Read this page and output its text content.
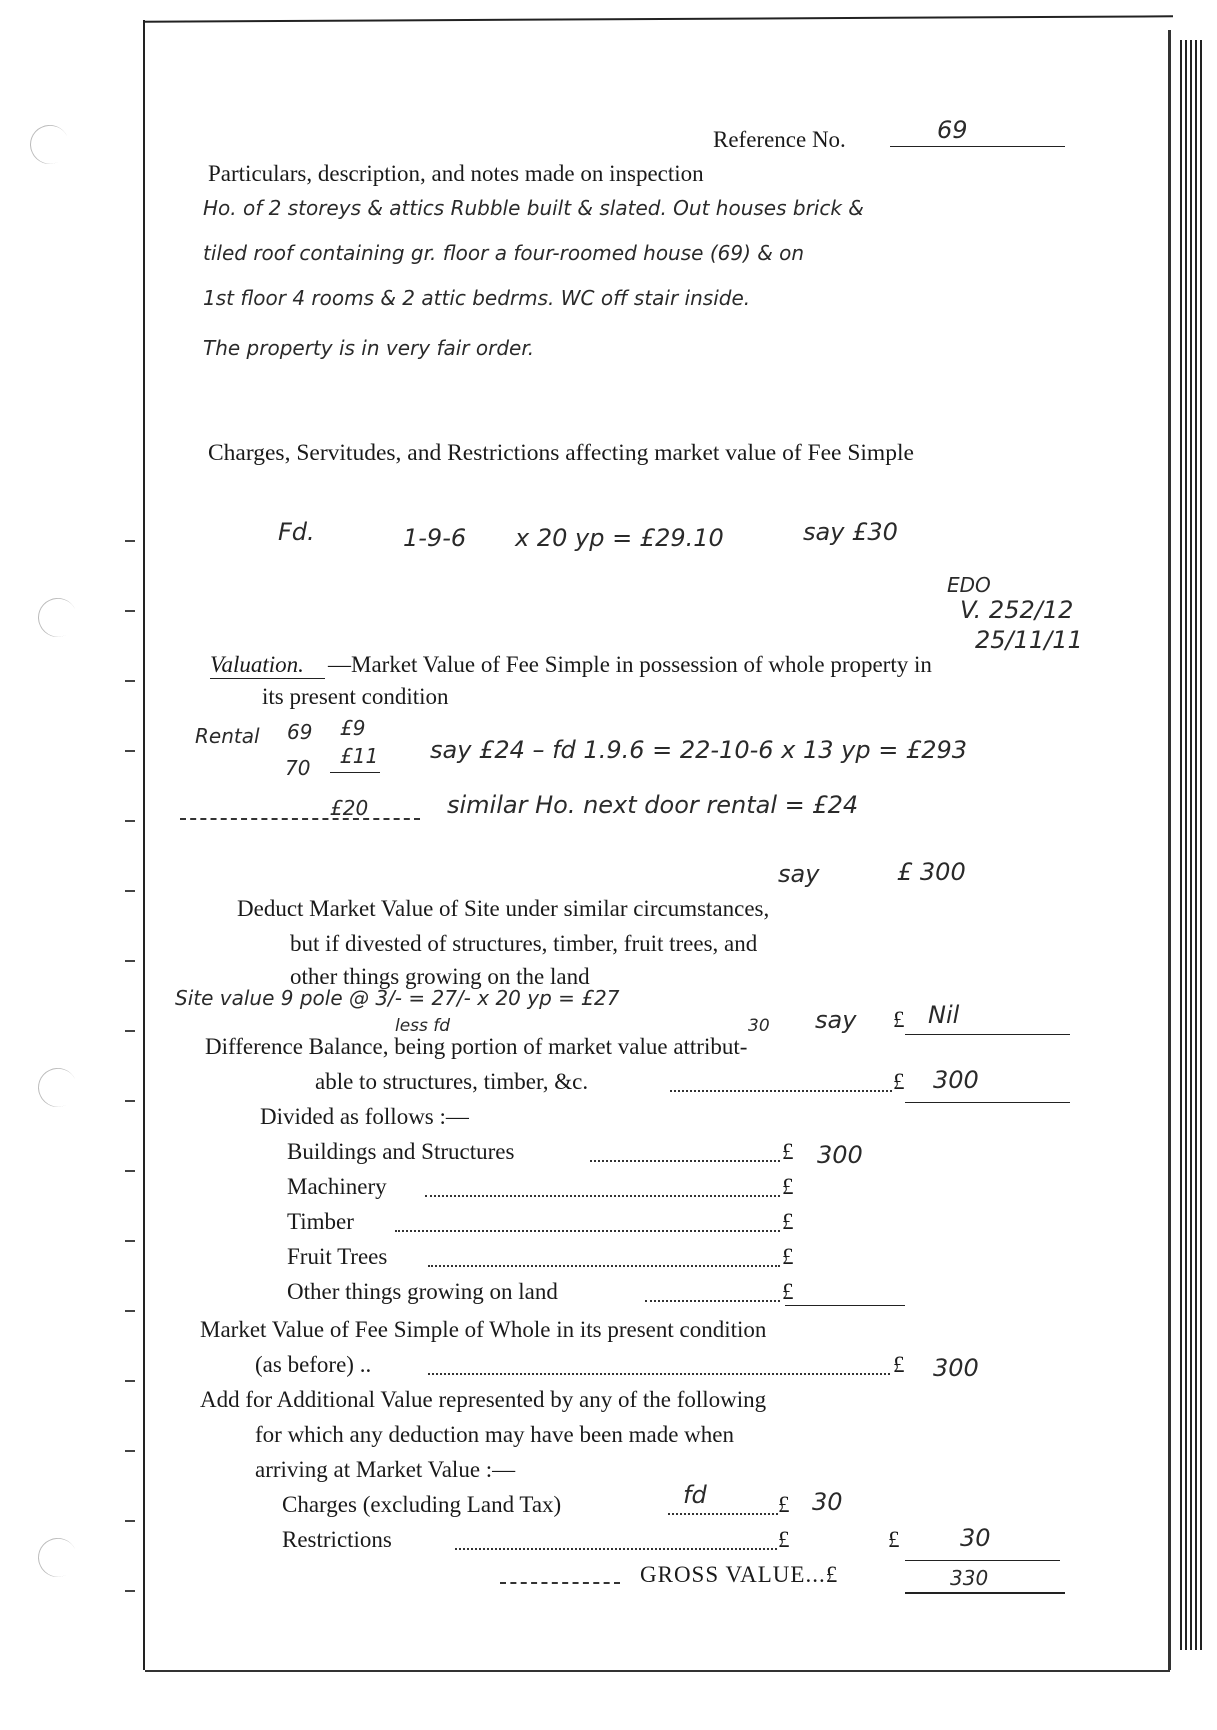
Reference No.	69
Particulars, description, and notes made on inspection
Ho. of 2 storeys & attics Rubble built & slated. Out houses brick &
tiled roof containing gr. floor a four-roomed house (69) & on
1st floor 4 rooms & 2 attic bedrms. WC off stair inside.
The property is in very fair order.
Charges, Servitudes, and Restrictions affecting market value of Fee Simple
Fd.	1-9-6 x 20 yp = £29.10	say £30
EDO
V. 252/12
25/11/11
Valuation. —Market Value of Fee Simple in possession of whole property in
its present condition
Rental 69 £9
70 £11
£20
say £24 – fd 1.9.6 = 22-10-6 x 13 yp = £293
similar Ho. next door rental = £24
say	£ 300
Deduct Market Value of Site under similar circumstances,
but if divested of structures, timber, fruit trees, and
other things growing on the land
Site value 9 pole @ 3/- = 27/- x 20 yp = £27
less fd	30 say £ Nil
Difference Balance, being portion of market value attribut-
able to structures, timber, &c.	£ 300
Divided as follows :—
Buildings and Structures	£ 300
Machinery	£
Timber	£
Fruit Trees	£
Other things growing on land	£
Market Value of Fee Simple of Whole in its present condition
(as before) ..	£ 300
Add for Additional Value represented by any of the following
for which any deduction may have been made when
arriving at Market Value :—
Charges (excluding Land Tax)	fd	£ 30
Restrictions	£	£	30
GROSS VALUE...£	330
